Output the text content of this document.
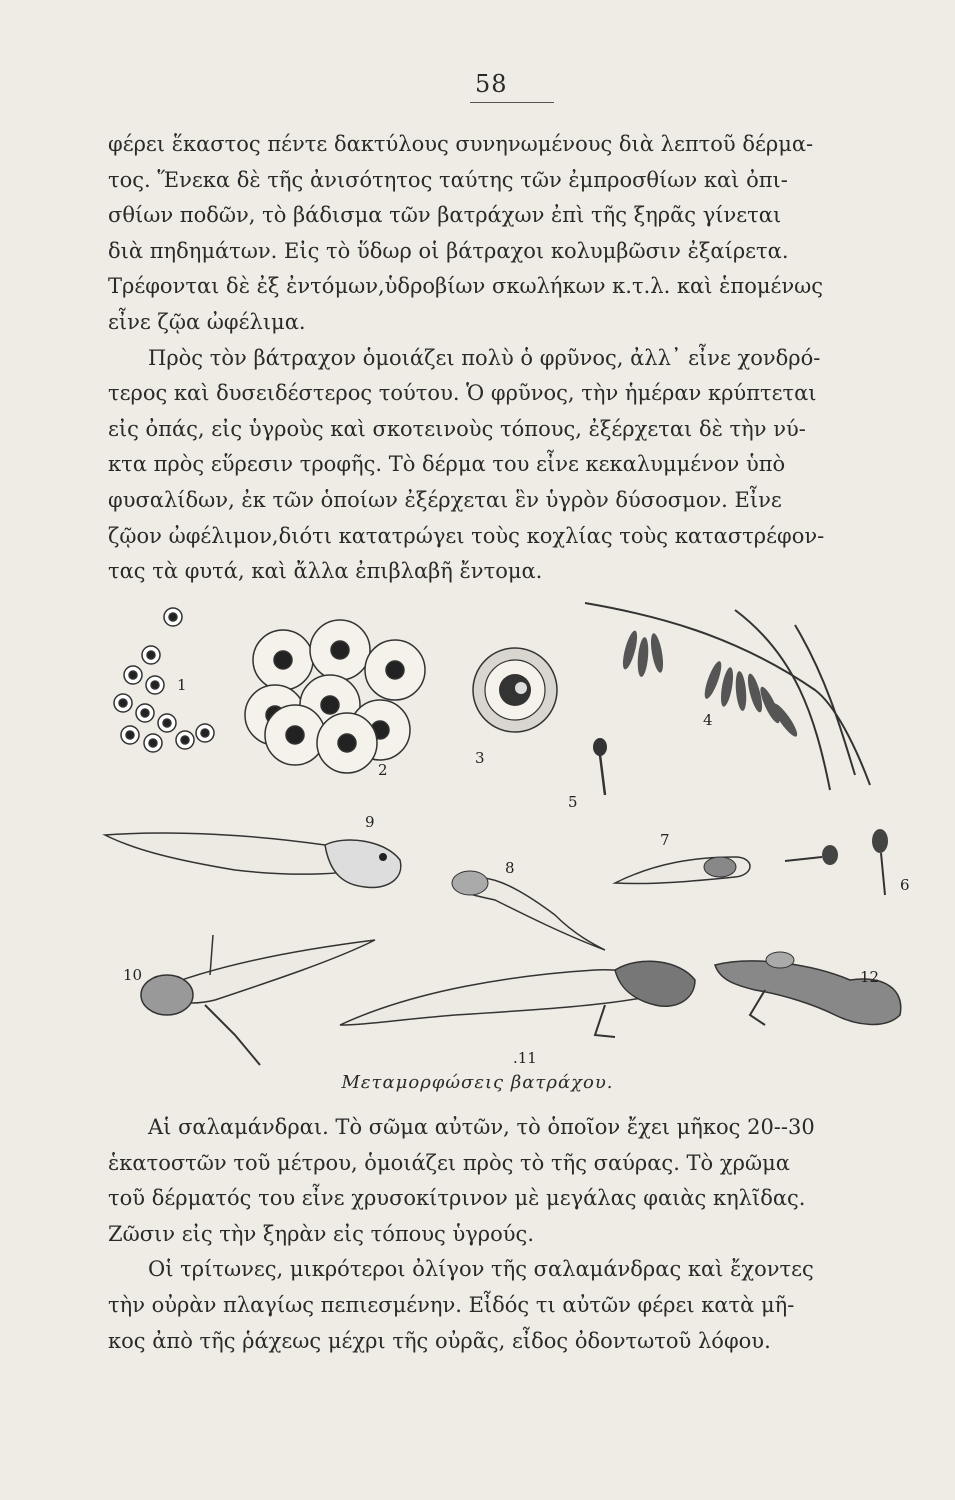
58

φέρει ἕκαστος πέντε δακτύλους συνηνωμένους διὰ λεπτοῦ δέρμα-
τος. Ἕνεκα δὲ τῆς ἀνισότητος ταύτης τῶν ἐμπροσθίων καὶ ὀπι-
σθίων ποδῶν, τὸ βάδισμα τῶν βατράχων ἐπὶ τῆς ξηρᾶς γίνεται
διὰ πηδημάτων. Εἰς τὸ ὕδωρ οἱ βάτραχοι κολυμβῶσιν ἐξαίρετα.
Τρέφονται δὲ ἐξ ἐντόμων,ὑδροβίων σκωλήκων κ.τ.λ. καὶ ἑπομένως
εἶνε ζῷα ὠφέλιμα.

Πρὸς τὸν βάτραχον ὁμοιάζει πολὺ ὁ φρῦνος, ἀλλ᾽ εἶνε χονδρό-
τερος καὶ δυσειδέστερος τούτου. Ὁ φρῦνος, τὴν ἡμέραν κρύπτεται
εἰς ὀπάς, εἰς ὑγροὺς καὶ σκοτεινοὺς τόπους, ἐξέρχεται δὲ τὴν νύ-
κτα πρὸς εὕρεσιν τροφῆς. Τὸ δέρμα του εἶνε κεκαλυμμένον ὑπὸ
φυσαλίδων, ἐκ τῶν ὁποίων ἐξέρχεται ἓν ὑγρὸν δύσοσμον. Εἶνε
ζῷον ὠφέλιμον,διότι κατατρώγει τοὺς κοχλίας τοὺς καταστρέφον-
τας τὰ φυτά, καὶ ἄλλα ἐπιβλαβῆ ἔντομα.

1
2
3
4
5
6
7
8
9
10
.11
12
Μεταμορφώσεις βατράχου.

Αἱ σαλαμάνδραι. Τὸ σῶμα αὐτῶν, τὸ ὁποῖον ἔχει μῆκος 20--30
ἑκατοστῶν τοῦ μέτρου, ὁμοιάζει πρὸς τὸ τῆς σαύρας. Τὸ χρῶμα
τοῦ δέρματός του εἶνε χρυσοκίτρινον μὲ μεγάλας φαιὰς κηλῖδας.
Ζῶσιν εἰς τὴν ξηρὰν εἰς τόπους ὑγρούς.

Οἱ τρίτωνες, μικρότεροι ὀλίγον τῆς σαλαμάνδρας καὶ ἔχοντες
τὴν οὐρὰν πλαγίως πεπιεσμένην. Εἶδός τι αὐτῶν φέρει κατὰ μῆ-
κος ἀπὸ τῆς ῥάχεως μέχρι τῆς οὐρᾶς, εἶδος ὀδοντωτοῦ λόφου.
